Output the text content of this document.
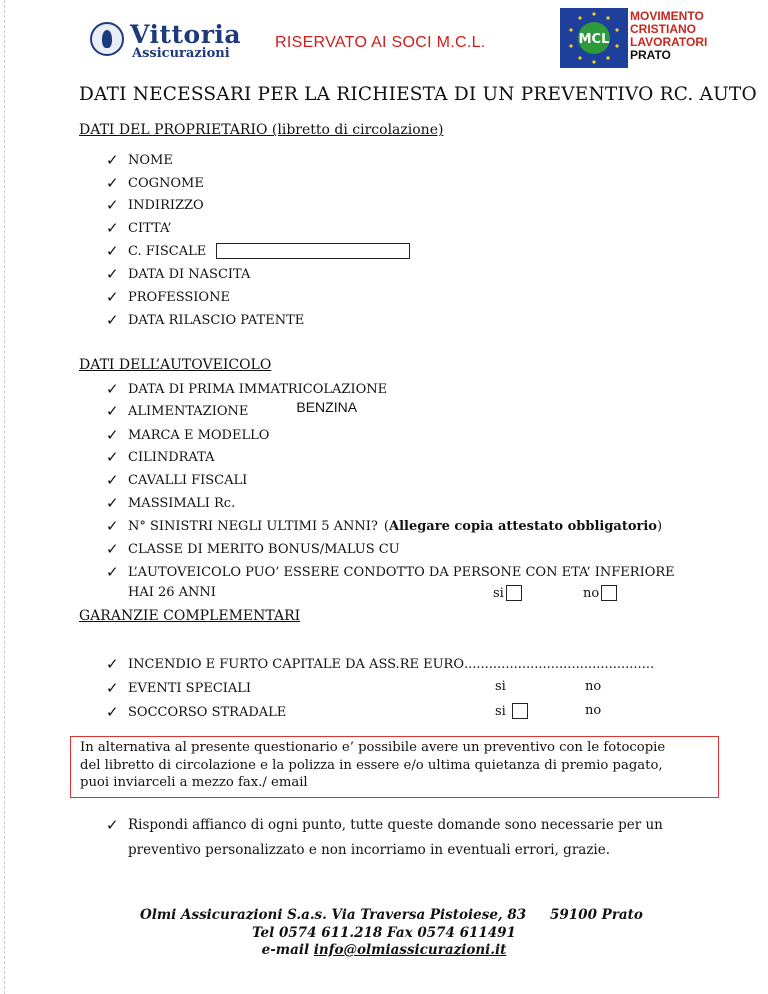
Vittoria
Assicurazioni
RISERVATO AI SOCI M.C.L.	MCL
MOVIMENTO
CRISTIANO
LAVORATORI
PRATO
DATI NECESSARI PER LA RICHIESTA DI UN PREVENTIVO RC. AUTO
DATI DEL PROPRIETARIO (libretto di circolazione)
✓ NOME
✓ COGNOME
✓ INDIRIZZO
✓ CITTA’
✓ C. FISCALE
✓ DATA DI NASCITA
✓ PROFESSIONE
✓ DATA RILASCIO PATENTE
DATI DELL’AUTOVEICOLO
✓ DATA DI PRIMA IMMATRICOLAZIONE
✓ ALIMENTAZIONE	BENZINA
✓ MARCA E MODELLO
✓ CILINDRATA
✓ CAVALLI FISCALI
✓ MASSIMALI Rc.
✓ N° SINISTRI NEGLI ULTIMI 5 ANNI? ( Allegare copia attestato obbligatorio )
✓ CLASSE DI MERITO BONUS/MALUS CU
✓ L’AUTOVEICOLO PUO’ ESSERE CONDOTTO DA PERSONE CON ETA’ INFERIORE
HAI 26 ANNI	si	no
GARANZIE COMPLEMENTARI
✓ INCENDIO E FURTO CAPITALE DA ASS.RE EURO ..............................................
✓ EVENTI SPECIALI	si	no
✓ SOCCORSO STRADALE	si	no
In alternativa al presente questionario e’ possibile avere un preventivo con le fotocopie
del libretto di circolazione e la polizza in essere e/o ultima quietanza di premio pagato,
puoi inviarceli a mezzo fax./ email
✓ Rispondi affianco di ogni punto, tutte queste domande sono necessarie per un
preventivo personalizzato e non incorriamo in eventuali errori, grazie.
Olmi Assicurazioni S.a.s. Via Traversa Pistoiese, 83 59100 Prato
Tel 0574 611.218 Fax 0574 611491
e-mail info@olmiassicurazioni.it
